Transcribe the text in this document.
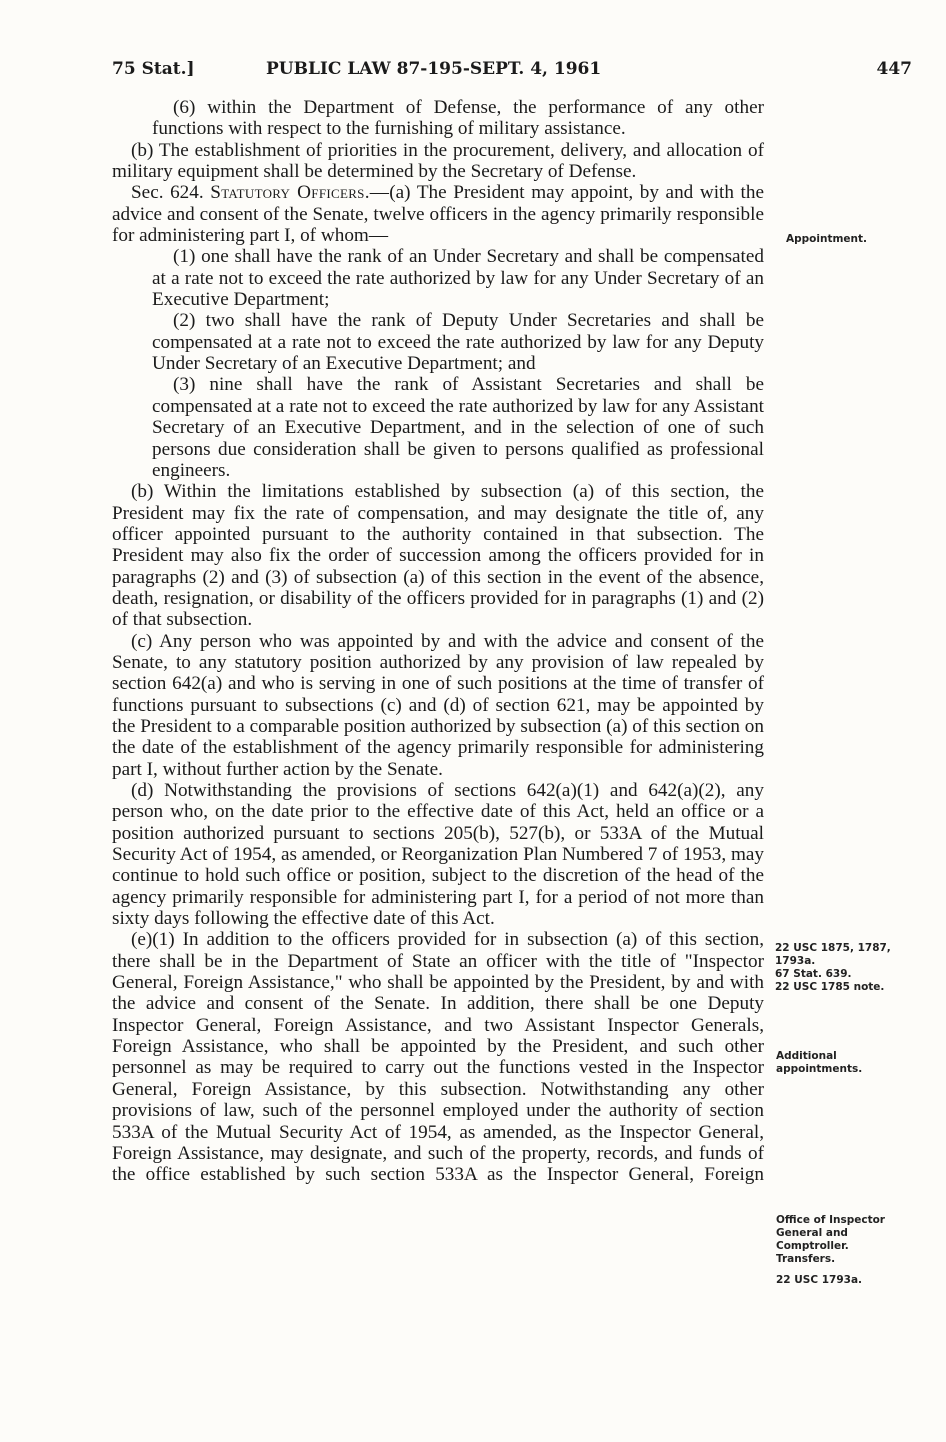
75 Stat.]	PUBLIC LAW 87-195-SEPT. 4, 1961	447

(6) within the Department of Defense, the performance of any other functions with respect to the furnishing of military assistance.

(b) The establishment of priorities in the procurement, delivery, and allocation of military equipment shall be determined by the Secretary of Defense.

Sec. 624. Statutory Officers.—(a) The President may appoint, by and with the advice and consent of the Senate, twelve officers in the agency primarily responsible for administering part I, of whom—

(1) one shall have the rank of an Under Secretary and shall be compensated at a rate not to exceed the rate authorized by law for any Under Secretary of an Executive Department;

(2) two shall have the rank of Deputy Under Secretaries and shall be compensated at a rate not to exceed the rate authorized by law for any Deputy Under Secretary of an Executive Department; and

(3) nine shall have the rank of Assistant Secretaries and shall be compensated at a rate not to exceed the rate authorized by law for any Assistant Secretary of an Executive Department, and in the selection of one of such persons due consideration shall be given to persons qualified as professional engineers.

(b) Within the limitations established by subsection (a) of this section, the President may fix the rate of compensation, and may designate the title of, any officer appointed pursuant to the authority contained in that subsection. The President may also fix the order of succession among the officers provided for in paragraphs (2) and (3) of subsection (a) of this section in the event of the absence, death, resignation, or disability of the officers provided for in paragraphs (1) and (2) of that subsection.

(c) Any person who was appointed by and with the advice and consent of the Senate, to any statutory position authorized by any provision of law repealed by section 642(a) and who is serving in one of such positions at the time of transfer of functions pursuant to subsections (c) and (d) of section 621, may be appointed by the President to a comparable position authorized by subsection (a) of this section on the date of the establishment of the agency primarily responsible for administering part I, without further action by the Senate.

(d) Notwithstanding the provisions of sections 642(a)(1) and 642(a)(2), any person who, on the date prior to the effective date of this Act, held an office or a position authorized pursuant to sections 205(b), 527(b), or 533A of the Mutual Security Act of 1954, as amended, or Reorganization Plan Numbered 7 of 1953, may continue to hold such office or position, subject to the discretion of the head of the agency primarily responsible for administering part I, for a period of not more than sixty days following the effective date of this Act.

(e)(1) In addition to the officers provided for in subsection (a) of this section, there shall be in the Department of State an officer with the title of "Inspector General, Foreign Assistance," who shall be appointed by the President, by and with the advice and consent of the Senate. In addition, there shall be one Deputy Inspector General, Foreign Assistance, and two Assistant Inspector Generals, Foreign Assistance, who shall be appointed by the President, and such other personnel as may be required to carry out the functions vested in the Inspector General, Foreign Assistance, by this subsection. Notwithstanding any other provisions of law, such of the personnel employed under the authority of section 533A of the Mutual Security Act of 1954, as amended, as the Inspector General, Foreign Assistance, may designate, and such of the property, records, and funds of the office established by such section 533A as the Inspector General, Foreign

Appointment.
22 USC 1875, 1787, 1793a.
67 Stat. 639.
22 USC 1785 note.
Additional appointments.
Office of Inspector General and Comptroller.
Transfers.
22 USC 1793a.
